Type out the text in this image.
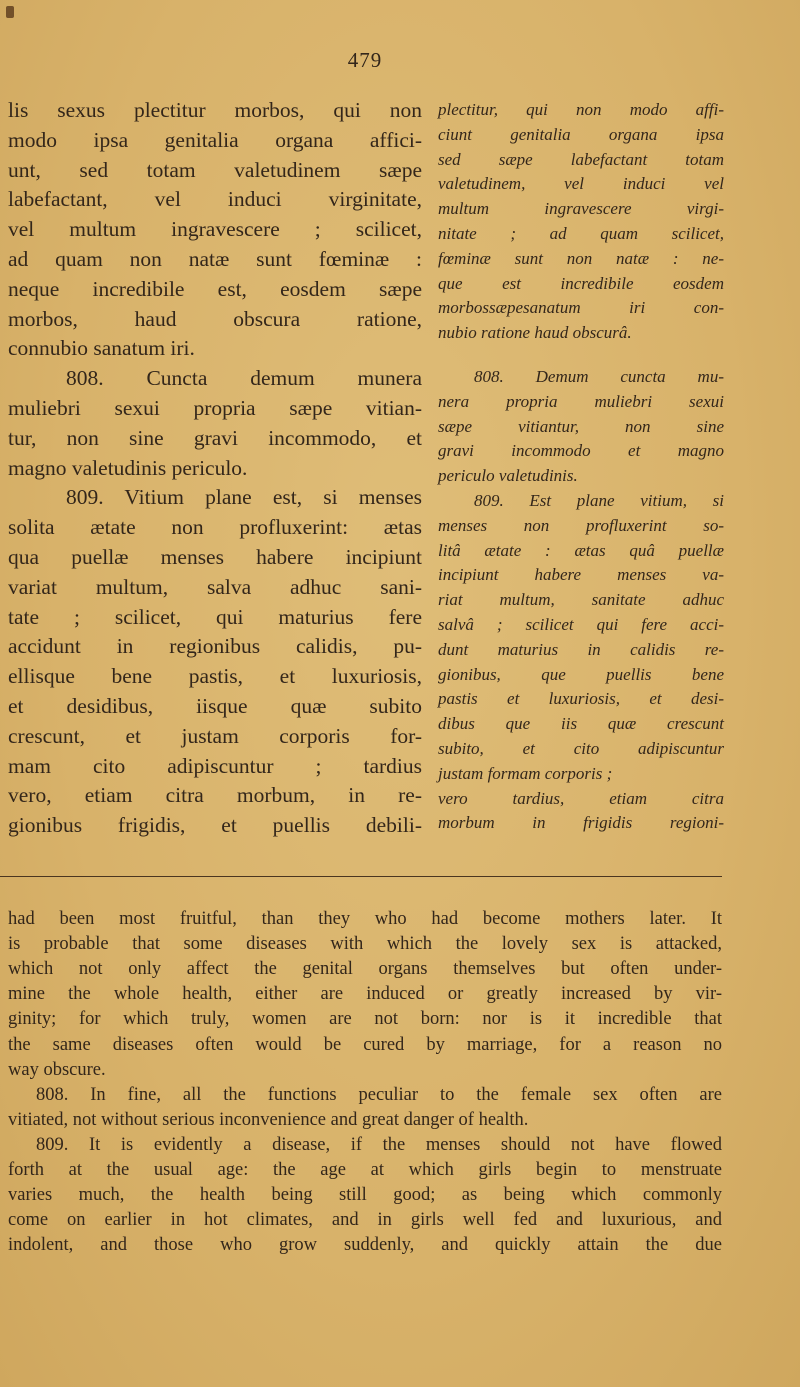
479
lis sexus plectitur morbos, qui non
modo ipsa genitalia organa affici-
unt, sed totam valetudinem sæpe
labefactant, vel induci virginitate,
vel multum ingravescere ; scilicet,
ad quam non natæ sunt fœminæ :
neque incredibile est, eosdem sæpe
morbos, haud obscura ratione,
connubio sanatum iri.
808. Cuncta demum munera
muliebri sexui propria sæpe vitian-
tur, non sine gravi incommodo, et
magno valetudinis periculo.
809. Vitium plane est, si menses
solita ætate non profluxerint: ætas
qua puellæ menses habere incipiunt
variat multum, salva adhuc sani-
tate ; scilicet, qui maturius fere
accidunt in regionibus calidis, pu-
ellisque bene pastis, et luxuriosis,
et desidibus, iisque quæ subito
crescunt, et justam corporis for-
mam cito adipiscuntur ; tardius
vero, etiam citra morbum, in re-
gionibus frigidis, et puellis debili-
plectitur, qui non modo affi-
ciunt genitalia organa ipsa
sed sæpe labefactant totam
valetudinem, vel induci vel
multum ingravescere virgi-
nitate ; ad quam scilicet,
fœminæ sunt non natæ : ne-
que est incredibile eosdem
morbossæpesanatum iri con-
nubio ratione haud obscurâ.
808. Demum cuncta mu-
nera propria muliebri sexui
sæpe vitiantur, non sine
gravi incommodo et magno
periculo valetudinis.
809. Est plane vitium, si
menses non profluxerint so-
litâ ætate : ætas quâ puellæ
incipiunt habere menses va-
riat multum, sanitate adhuc
salvâ ; scilicet qui fere acci-
dunt maturius in calidis re-
gionibus, que puellis bene
pastis et luxuriosis, et desi-
dibus que iis quæ crescunt
subito, et cito adipiscuntur
justam formam corporis ;
vero tardius, etiam citra
morbum in frigidis regioni-
had been most fruitful, than they who had become mothers later. It
is probable that some diseases with which the lovely sex is attacked,
which not only affect the genital organs themselves but often under-
mine the whole health, either are induced or greatly increased by vir-
ginity; for which truly, women are not born: nor is it incredible that
the same diseases often would be cured by marriage, for a reason no
way obscure.
808. In fine, all the functions peculiar to the female sex often are
vitiated, not without serious inconvenience and great danger of health.
809. It is evidently a disease, if the menses should not have flowed
forth at the usual age: the age at which girls begin to menstruate
varies much, the health being still good; as being which commonly
come on earlier in hot climates, and in girls well fed and luxurious, and
indolent, and those who grow suddenly, and quickly attain the due
